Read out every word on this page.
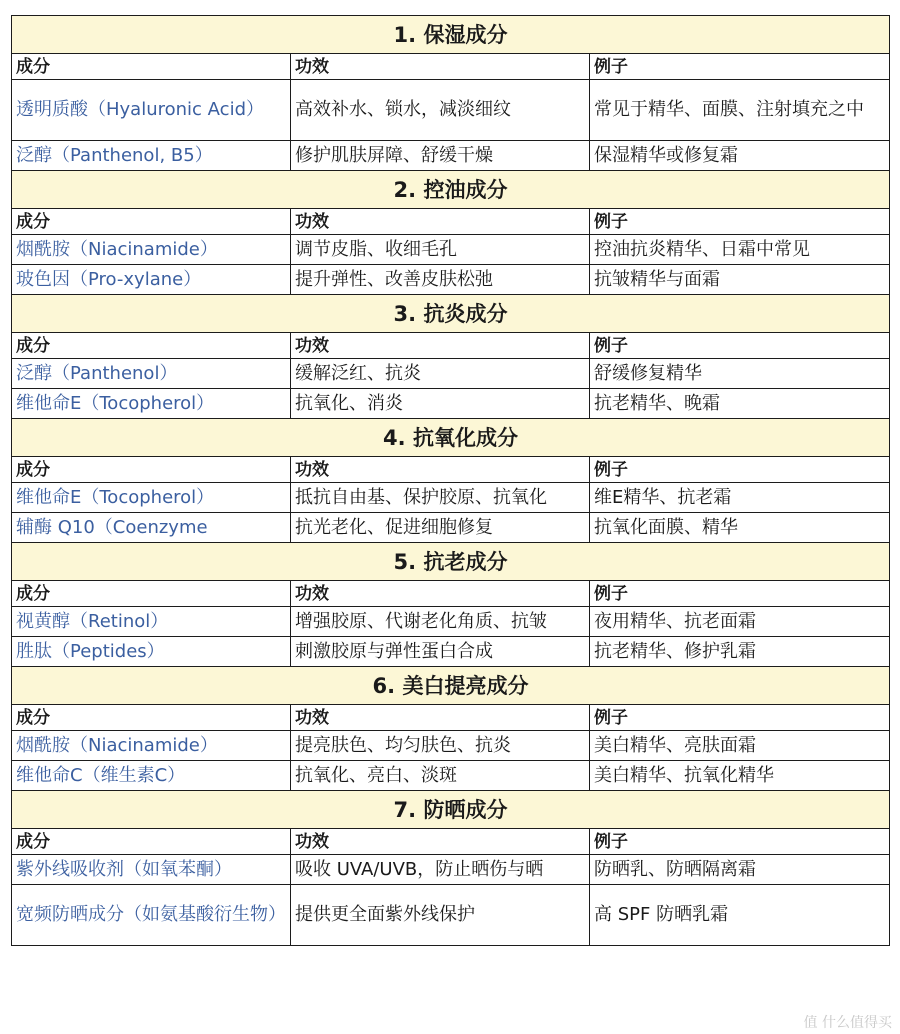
1. 保湿成分		
成分	功效	例子
透明质酸（Hyaluronic Acid）	高效补水、锁水，减淡细纹	常见于精华、面膜、注射填充之中
泛醇（Panthenol, B5）	修护肌肤屏障、舒缓干燥	保湿精华或修复霜
2. 控油成分		
成分	功效	例子
烟酰胺（Niacinamide）	调节皮脂、收细毛孔	控油抗炎精华、日霜中常见
玻色因（Pro-xylane）	提升弹性、改善皮肤松弛	抗皱精华与面霜
3. 抗炎成分		
成分	功效	例子
泛醇（Panthenol）	缓解泛红、抗炎	舒缓修复精华
维他命E（Tocopherol）	抗氧化、消炎	抗老精华、晚霜
4. 抗氧化成分		
成分	功效	例子
维他命E（Tocopherol）	抵抗自由基、保护胶原、抗氧化	维E精华、抗老霜
辅酶 Q10（Coenzyme	抗光老化、促进细胞修复	抗氧化面膜、精华
5. 抗老成分		
成分	功效	例子
视黄醇（Retinol）	增强胶原、代谢老化角质、抗皱	夜用精华、抗老面霜
胜肽（Peptides）	刺激胶原与弹性蛋白合成	抗老精华、修护乳霜
6. 美白提亮成分		
成分	功效	例子
烟酰胺（Niacinamide）	提亮肤色、均匀肤色、抗炎	美白精华、亮肤面霜
维他命C（维生素C）	抗氧化、亮白、淡斑	美白精华、抗氧化精华
7. 防晒成分		
成分	功效	例子
紫外线吸收剂（如氧苯酮）	吸收 UVA/UVB，防止晒伤与晒	防晒乳、防晒隔离霜
宽频防晒成分（如氨基酸衍生物）	提供更全面紫外线保护	高 SPF 防晒乳霜
值 什么值得买
